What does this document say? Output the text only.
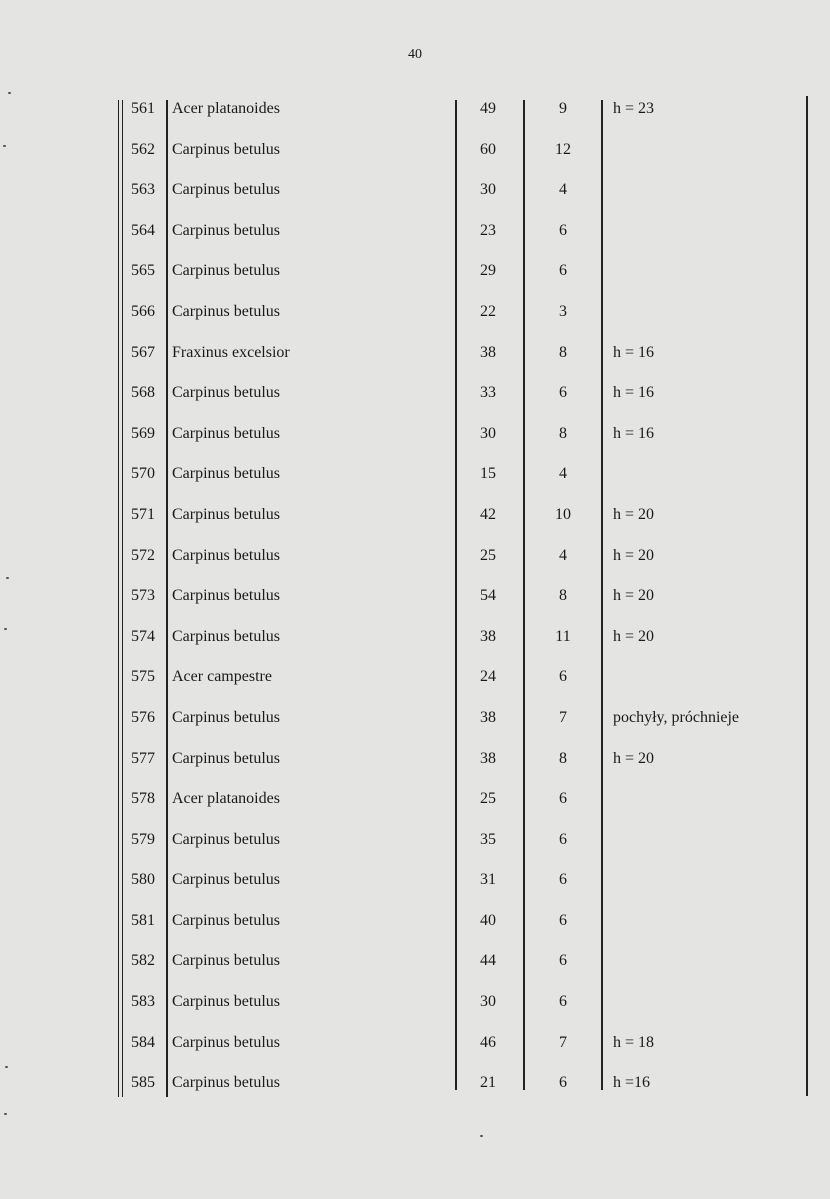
40
561	Acer platanoides	49	9	h = 23
562	Carpinus betulus	60	12
563	Carpinus betulus	30	4
564	Carpinus betulus	23	6
565	Carpinus betulus	29	6
566	Carpinus betulus	22	3
567	Fraxinus excelsior	38	8	h = 16
568	Carpinus betulus	33	6	h = 16
569	Carpinus betulus	30	8	h = 16
570	Carpinus betulus	15	4
571	Carpinus betulus	42	10	h = 20
572	Carpinus betulus	25	4	h = 20
573	Carpinus betulus	54	8	h = 20
574	Carpinus betulus	38	11	h = 20
575	Acer campestre	24	6
576	Carpinus betulus	38	7	pochyły, próchnieje
577	Carpinus betulus	38	8	h = 20
578	Acer platanoides	25	6
579	Carpinus betulus	35	6
580	Carpinus betulus	31	6
581	Carpinus betulus	40	6
582	Carpinus betulus	44	6
583	Carpinus betulus	30	6
584	Carpinus betulus	46	7	h = 18
585	Carpinus betulus	21	6	h =16
